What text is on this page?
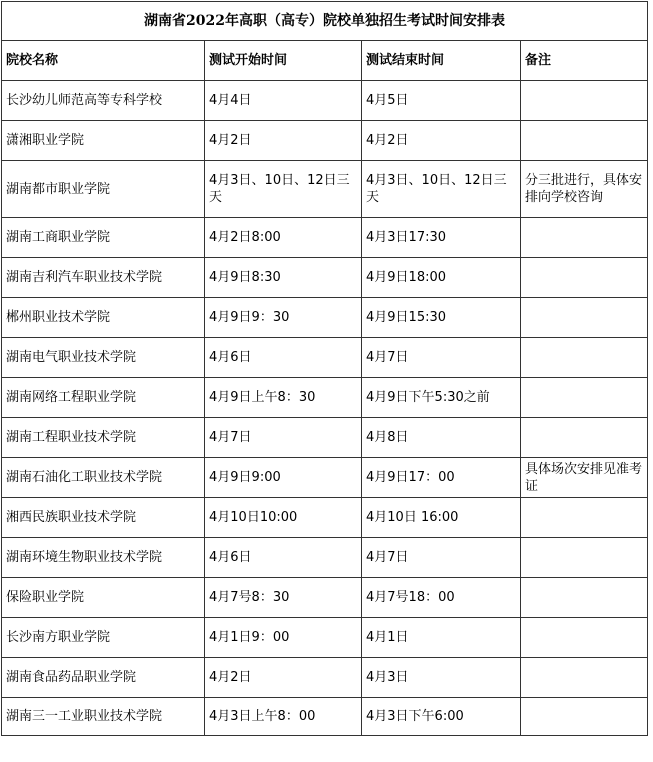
湖南省2022年高职（高专）院校单独招生考试时间安排表			
院校名称	测试开始时间	测试结束时间	备注
长沙幼儿师范高等专科学校	4月4日	4月5日	
潇湘职业学院	4月2日	4月2日	
湖南都市职业学院	4月3日、10日、12日三天	4月3日、10日、12日三天	分三批进行，具体安排向学校咨询
湖南工商职业学院	4月2日8:00	4月3日17:30	
湖南吉利汽车职业技术学院	4月9日8:30	4月9日18:00	
郴州职业技术学院	4月9日9：30	4月9日15:30	
湖南电气职业技术学院	4月6日	4月7日	
湖南网络工程职业学院	4月9日上午8：30	4月9日下午5:30之前	
湖南工程职业技术学院	4月7日	4月8日	
湖南石油化工职业技术学院	4月9日9:00	4月9日17：00	具体场次安排见准考证
湘西民族职业技术学院	4月10日10:00	4月10日 16:00	
湖南环境生物职业技术学院	4月6日	4月7日	
保险职业学院	4月7号8：30	4月7号18：00	
长沙南方职业学院	4月1日9：00	4月1日	
湖南食品药品职业学院	4月2日	4月3日	
湖南三一工业职业技术学院	4月3日上午8：00	4月3日下午6:00	
